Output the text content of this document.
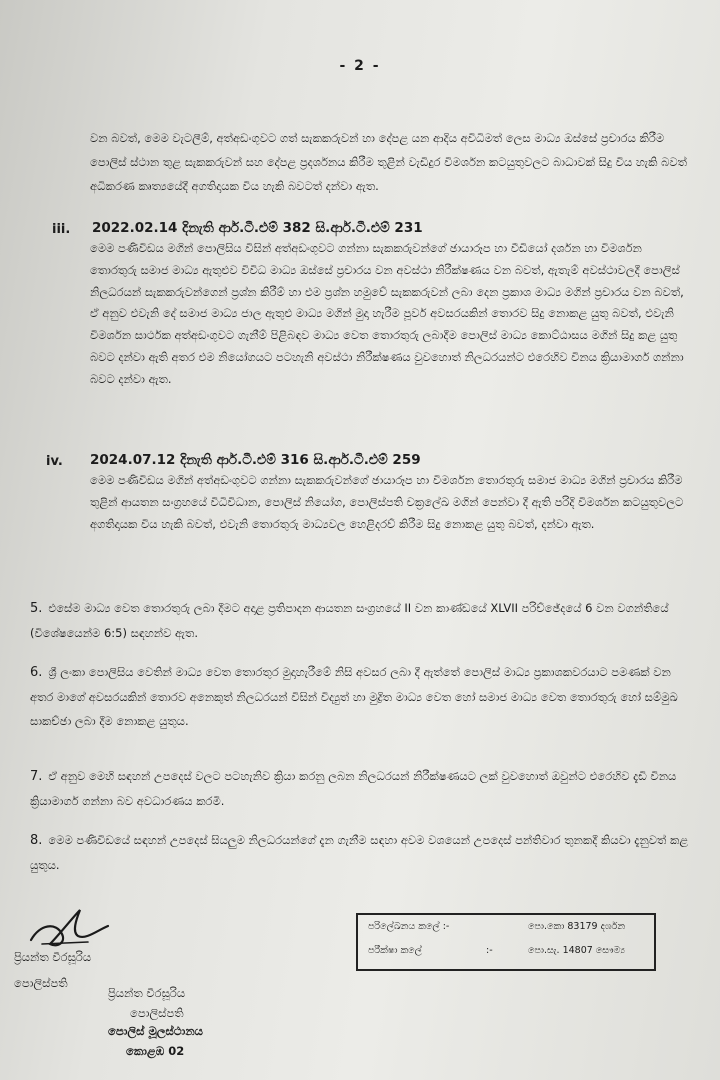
- 2 -
වන බවත්, මෙම වැටලීම්, අත්අඩංගුවට ගත් සැකකරුවන් හා දේපළ යන ආදිය අවිධිමත් ලෙස මාධ්‍ය ඔස්සේ ප්‍රචාරය කිරීම පොලිස් ස්ථාන තුළ සැකකරුවන් සහ දේපළ ප්‍රදර්ශනය කිරීම තුළින් වැඩිදුර විමර්ශන කටයුතුවලට බාධාවක් සිදු විය හැකි බවත් අධිකරණ කෘත්‍යයේදී අගතිදායක විය හැකි බවටත් දන්වා ඇත.
iii. 2022.02.14 දිනැති ආර්.ටී.එම් 382 සි.ආර්.ටී.එම් 231
මෙම පණිවිඩය මගින් පොලිසිය විසින් අත්අඩංගුවට ගන්නා සැකකරුවන්ගේ ඡායාරූප හා වීඩියෝ දර්ශන හා විමර්ශන තොරතුරු සමාජ මාධ්‍ය ඇතුළුව විවිධ මාධ්‍ය ඔස්සේ ප්‍රචාරය වන අවස්ථා නිරීක්ෂණය වන බවත්, ඇතැම් අවස්ථාවලදී පොලිස් නිලධරයන් සැකකරුවන්ගෙන් ප්‍රශ්න කිරීම් හා එම ප්‍රශ්න හමුවේ සැකකරුවන් ලබා දෙන ප්‍රකාශ මාධ්‍ය මගින් ප්‍රචාරය වන බවත්, ඒ අනුව එවැනි දේ සමාජ මාධ්‍ය ජාල ඇතුළු මාධ්‍ය මගින් මුදා හැරීම පූර්ව අවසරයකින් තොරව සිදු නොකළ යුතු බවත්, එවැනි විමර්ශන සාර්ථක අත්අඩංගුවට ගැනීම් පිළිබඳව මාධ්‍ය වෙත තොරතුරු ලබාදීම පොලිස් මාධ්‍ය කොට්ඨාසය මගින් සිදු කළ යුතු බවට දන්වා ඇති අතර එම නියෝගයට පටහැනි අවස්ථා නිරීක්ෂණය වුවහොත් නිලධරයන්ට එරෙහිව විනය ක්‍රියාමාර්ග ගන්නා බවට දන්වා ඇත.
iv. 2024.07.12 දිනැති ආර්.ටී.එම් 316 සි.ආර්.ටී.එම් 259
මෙම පණිවිඩය මගින් අත්අඩංගුවට ගන්නා සැකකරුවන්ගේ ඡායාරූප හා විමර්ශන තොරතුරු සමාජ මාධ්‍ය මගින් ප්‍රචාරය කිරීම තුළින් ආයතන සංග්‍රහයේ විධිවිධාන, පොලිස් නියෝග, පොලිස්පති චක්‍රලේඛ මගින් පෙන්වා දී ඇති පරිදි විමර්ශන කටයුතුවලට අගතිදායක විය හැකි බවත්, එවැනි තොරතුරු මාධ්‍යවල හෙළිදරව් කිරීම සිදු නොකළ යුතු බවත්, දන්වා ඇත.
5. එසේම මාධ්‍ය වෙත තොරතුරු ලබා දීමට අදාළ ප්‍රතිපාදන ආයතන සංග්‍රහයේ II වන කාණ්ඩයේ XLVII පරිච්ඡේදයේ 6 වන වගන්තියේ (විශේෂයෙන්ම 6:5) සඳහන්ව ඇත.
6. ශ්‍රී ලංකා පොලිසිය වෙතින් මාධ්‍ය වෙත තොරතුර මුදාහැරීමේ නිසි අවසර ලබා දී ඇත්තේ පොලිස් මාධ්‍ය ප්‍රකාශකවරයාට පමණක් වන අතර මාගේ අවසරයකින් තොරව අනෙකුත් නිලධරයන් විසින් විද්‍යුත් හා මුද්‍රිත මාධ්‍ය වෙත හෝ සමාජ මාධ්‍ය වෙත තොරතුරු හෝ සම්මුඛ සාකච්ඡා ලබා දීම නොකළ යුතුය.
7. ඒ අනුව මෙහි සඳහන් උපදෙස් වලට පටහැනිව ක්‍රියා කරනු ලබන නිලධරයන් නිරීක්ෂණයට ලක් වුවහොත් ඔවුන්ට එරෙහිව දැඩි විනය ක්‍රියාමාර්ග ගන්නා බව අවධාරණය කරමි.
8. මෙම පණිවිඩයේ සඳහන් උපදෙස් සියලුම නිලධරයන්ගේ දැන ගැනීම සඳහා අවම වශයෙන් උපදෙස් පන්තිවාර තුනකදී කියවා දැනුවත් කළ යුතුය.
ප්‍රියන්ත වීරසූරිය
පොලිස්පති
ප්‍රියන්ත වීරසූරිය
පොලිස්පති
පොලිස් මූලස්ථානය
කොළඹ 02
පරිලේඛනය කලේ :-	පො.කො 83179 දර්ශන
පරීක්ෂා කලේ	:-	පො.සැ. 14807 සෞම්‍ය
